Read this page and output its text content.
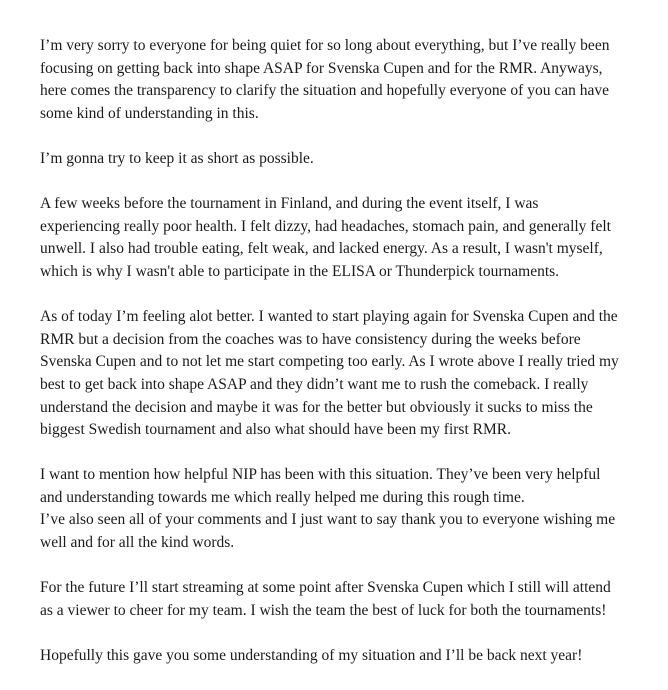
I’m very sorry to everyone for being quiet for so long about everything, but I’ve really been
focusing on getting back into shape ASAP for Svenska Cupen and for the RMR. Anyways,
here comes the transparency to clarify the situation and hopefully everyone of you can have
some kind of understanding in this.
I’m gonna try to keep it as short as possible.
A few weeks before the tournament in Finland, and during the event itself, I was
experiencing really poor health. I felt dizzy, had headaches, stomach pain, and generally felt
unwell. I also had trouble eating, felt weak, and lacked energy. As a result, I wasn't myself,
which is why I wasn't able to participate in the ELISA or Thunderpick tournaments.
As of today I’m feeling alot better. I wanted to start playing again for Svenska Cupen and the
RMR but a decision from the coaches was to have consistency during the weeks before
Svenska Cupen and to not let me start competing too early. As I wrote above I really tried my
best to get back into shape ASAP and they didn’t want me to rush the comeback. I really
understand the decision and maybe it was for the better but obviously it sucks to miss the
biggest Swedish tournament and also what should have been my first RMR.
I want to mention how helpful NIP has been with this situation. They’ve been very helpful
and understanding towards me which really helped me during this rough time.
I’ve also seen all of your comments and I just want to say thank you to everyone wishing me
well and for all the kind words.
For the future I’ll start streaming at some point after Svenska Cupen which I still will attend
as a viewer to cheer for my team. I wish the team the best of luck for both the tournaments!
Hopefully this gave you some understanding of my situation and I’ll be back next year!
